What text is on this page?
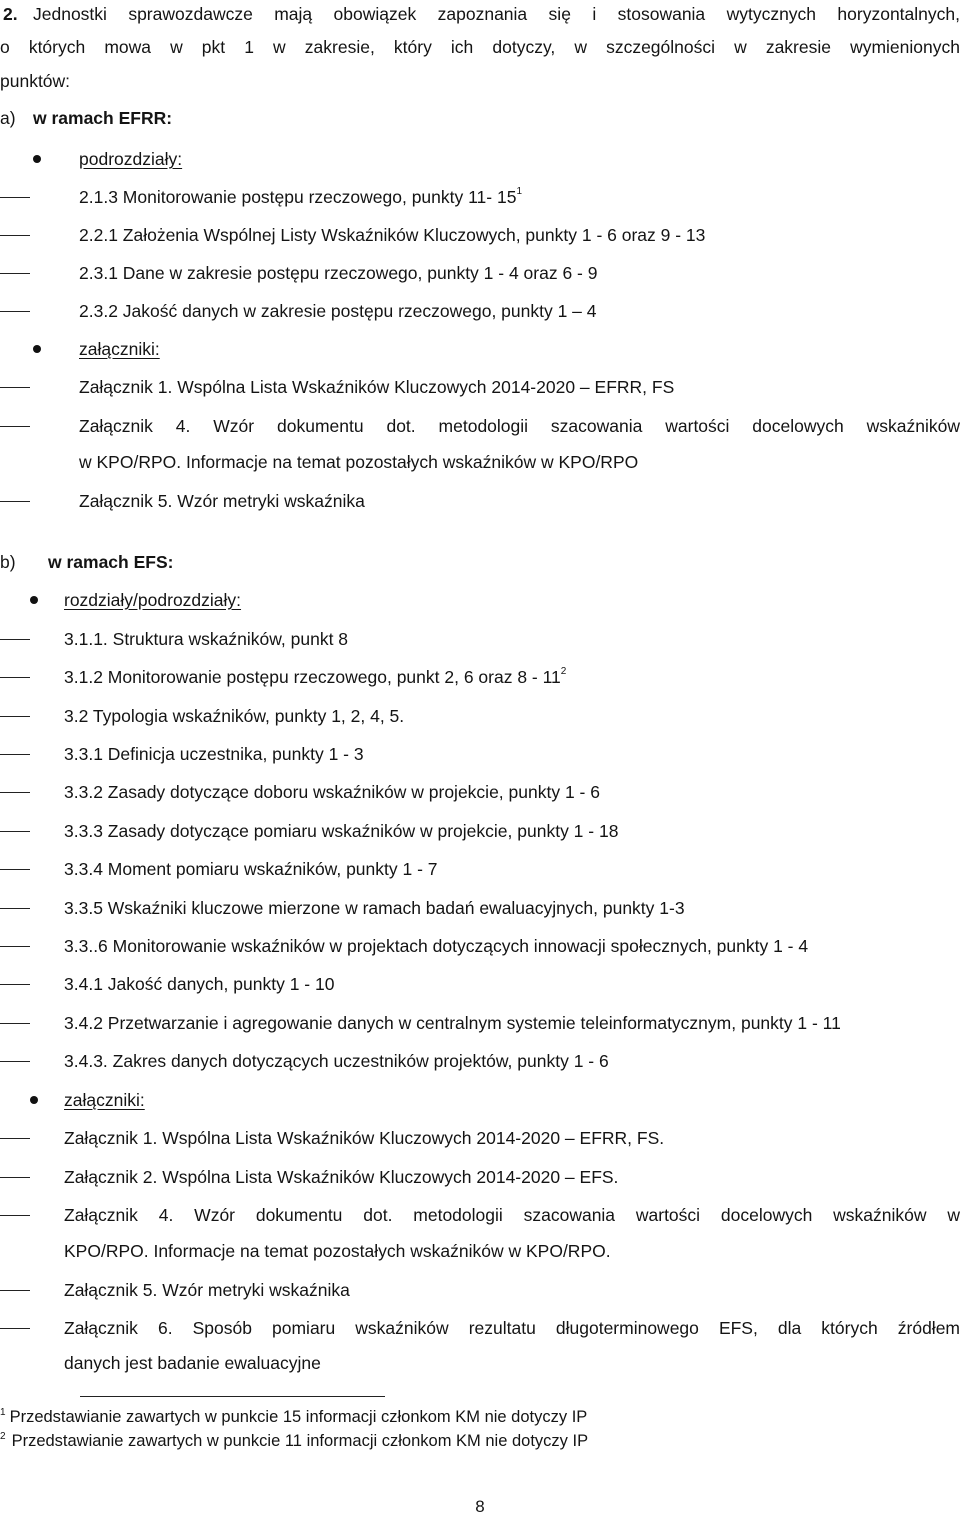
2. Jednostki sprawozdawcze mają obowiązek zapoznania się i stosowania wytycznych horyzontalnych,
o których mowa w pkt 1 w zakresie, który ich dotyczy, w szczególności w zakresie wymienionych
punktów:
a) w ramach EFRR:
podrozdziały:
2.1.3 Monitorowanie postępu rzeczowego, punkty 11- $15^1$
2.2.1 Założenia Wspólnej Listy Wskaźników Kluczowych, punkty 1 - 6 oraz 9 - 13
2.3.1 Dane w zakresie postępu rzeczowego, punkty 1 - 4 oraz 6 - 9
2.3.2 Jakość danych w zakresie postępu rzeczowego, punkty 1 – 4
załączniki:
Załącznik 1. Wspólna Lista Wskaźników Kluczowych 2014-2020 – EFRR, FS
Załącznik 4. Wzór dokumentu dot. metodologii szacowania wartości docelowych wskaźników
w KPO/RPO. Informacje na temat pozostałych wskaźników w KPO/RPO
Załącznik 5. Wzór metryki wskaźnika
b) w ramach EFS:
rozdziały/podrozdziały:
3.1.1. Struktura wskaźników, punkt 8
3.1.2 Monitorowanie postępu rzeczowego, punkt 2, 6 oraz $8 - 11^2$
3.2 Typologia wskaźników, punkty 1, 2, 4, 5.
3.3.1 Definicja uczestnika, punkty 1 - 3
3.3.2 Zasady dotyczące doboru wskaźników w projekcie, punkty 1 - 6
3.3.3 Zasady dotyczące pomiaru wskaźników w projekcie, punkty 1 - 18
3.3.4 Moment pomiaru wskaźników, punkty 1 - 7
3.3.5 Wskaźniki kluczowe mierzone w ramach badań ewaluacyjnych, punkty 1-3
3.3..6 Monitorowanie wskaźników w projektach dotyczących innowacji społecznych, punkty 1 - 4
3.4.1 Jakość danych, punkty 1 - 10
3.4.2 Przetwarzanie i agregowanie danych w centralnym systemie teleinformatycznym, punkty 1 - 11
3.4.3. Zakres danych dotyczących uczestników projektów, punkty 1 - 6
załączniki:
Załącznik 1. Wspólna Lista Wskaźników Kluczowych 2014-2020 – EFRR, FS.
Załącznik 2. Wspólna Lista Wskaźników Kluczowych 2014-2020 – EFS.
Załącznik 4. Wzór dokumentu dot. metodologii szacowania wartości docelowych wskaźników w
KPO/RPO. Informacje na temat pozostałych wskaźników w KPO/RPO.
Załącznik 5. Wzór metryki wskaźnika
Załącznik 6. Sposób pomiaru wskaźników rezultatu długoterminowego EFS, dla których źródłem
danych jest badanie ewaluacyjne
$^1$ Przedstawianie zawartych w punkcie 15 informacji członkom KM nie dotyczy IP
$^2$ Przedstawianie zawartych w punkcie 11 informacji członkom KM nie dotyczy IP
8
